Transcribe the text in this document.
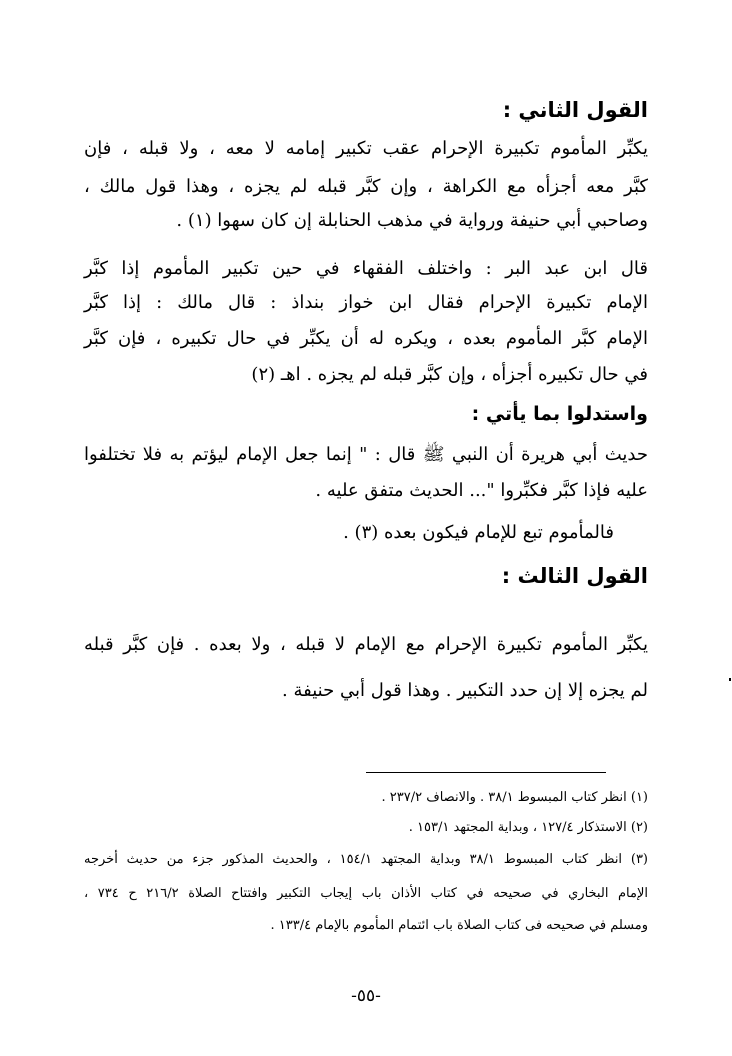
القول الثاني :
يكبِّر المأموم تكبيرة الإحرام عقب تكبير إمامه لا معه ، ولا قبله ، فإن
كبَّر معه أجزأه مع الكراهة ، وإن كبَّر قبله لم يجزه ، وهذا قول مالك ،
وصاحبي أبي حنيفة ورواية في مذهب الحنابلة إن كان سهوا (١) .
قال ابن عبد البر : واختلف الفقهاء في حين تكبير المأموم إذا كبَّر
الإمام تكبيرة الإحرام فقال ابن خواز بنداذ : قال مالك : إذا كبَّر
الإمام كبَّر المأموم بعده ، ويكره له أن يكبِّر في حال تكبيره ، فإن كبَّر
في حال تكبيره أجزأه ، وإن كبَّر قبله لم يجزه . اهـ (٢)
واستدلوا بما يأتي :
حديث أبي هريرة أن النبي ﷺ قال : " إنما جعل الإمام ليؤتم به فلا تختلفوا
عليه فإذا كبَّر فكبِّروا "... الحديث متفق عليه .
فالمأموم تبع للإمام فيكون بعده (٣) .
القول الثالث :
يكبِّر المأموم تكبيرة الإحرام مع الإمام لا قبله ، ولا بعده . فإن كبَّر قبله
لم يجزه إلا إن حدد التكبير . وهذا قول أبي حنيفة .
(١) انظر كتاب المبسوط ٣٨/١ . والانصاف ٢٣٧/٢ .
(٢) الاستذكار ١٢٧/٤ ، وبداية المجتهد ١٥٣/١ .
(٣) انظر كتاب المبسوط ٣٨/١ وبداية المجتهد ١٥٤/١ ، والحديث المذكور جزء من حديث أخرجه
الإمام البخاري في صحيحه في كتاب الأذان باب إيجاب التكبير وافتتاح الصلاة ٢١٦/٢ ح ٧٣٤ ،
ومسلم في صحيحه فى كتاب الصلاة باب ائتمام المأموم بالإمام ١٣٣/٤ .
-٥٥-
